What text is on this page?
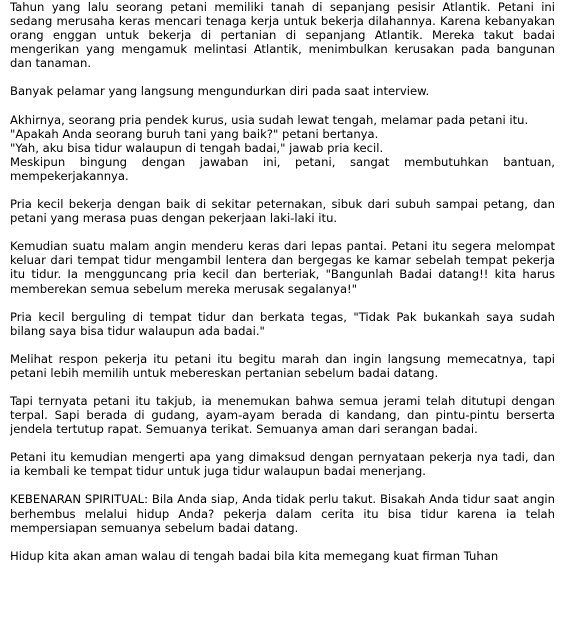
Tahun yang lalu seorang petani memiliki tanah di sepanjang pesisir Atlantik. Petani ini sedang merusaha keras mencari tenaga kerja untuk bekerja dilahannya. Karena kebanyakan orang enggan untuk bekerja di pertanian di sepanjang Atlantik. Mereka takut badai mengerikan yang mengamuk melintasi Atlantik, menimbulkan kerusakan pada bangunan dan tanaman.
Banyak pelamar yang langsung mengundurkan diri pada saat interview.
Akhirnya, seorang pria pendek kurus, usia sudah lewat tengah, melamar pada petani itu.
"Apakah Anda seorang buruh tani yang baik?" petani bertanya.
"Yah, aku bisa tidur walaupun di tengah badai," jawab pria kecil.
Meskipun bingung dengan jawaban ini, petani, sangat membutuhkan bantuan, mempekerjakannya.
Pria kecil bekerja dengan baik di sekitar peternakan, sibuk dari subuh sampai petang, dan petani yang merasa puas dengan pekerjaan laki-laki itu.
Kemudian suatu malam angin menderu keras dari lepas pantai. Petani itu segera melompat keluar dari tempat tidur mengambil lentera dan bergegas ke kamar sebelah tempat pekerja itu tidur. Ia mengguncang pria kecil dan berteriak, "Bangunlah Badai datang!! kita harus memberekan semua sebelum mereka merusak segalanya!"
Pria kecil berguling di tempat tidur dan berkata tegas, "Tidak Pak bukankah saya sudah bilang saya bisa tidur walaupun ada badai."
Melihat respon pekerja itu petani itu begitu marah dan ingin langsung memecatnya, tapi petani lebih memilih untuk mebereskan pertanian sebelum badai datang.
Tapi ternyata petani itu takjub, ia menemukan bahwa semua jerami telah ditutupi dengan terpal. Sapi berada di gudang, ayam-ayam berada di kandang, dan pintu-pintu berserta jendela tertutup rapat. Semuanya terikat. Semuanya aman dari serangan badai.
Petani itu kemudian mengerti apa yang dimaksud dengan pernyataan pekerja nya tadi, dan ia kembali ke tempat tidur untuk juga tidur walaupun badai menerjang.
KEBENARAN SPIRITUAL: Bila Anda siap, Anda tidak perlu takut. Bisakah Anda tidur saat angin berhembus melalui hidup Anda? pekerja dalam cerita itu bisa tidur karena ia telah mempersiapan semuanya sebelum badai datang.
Hidup kita akan aman walau di tengah badai bila kita memegang kuat firman Tuhan
